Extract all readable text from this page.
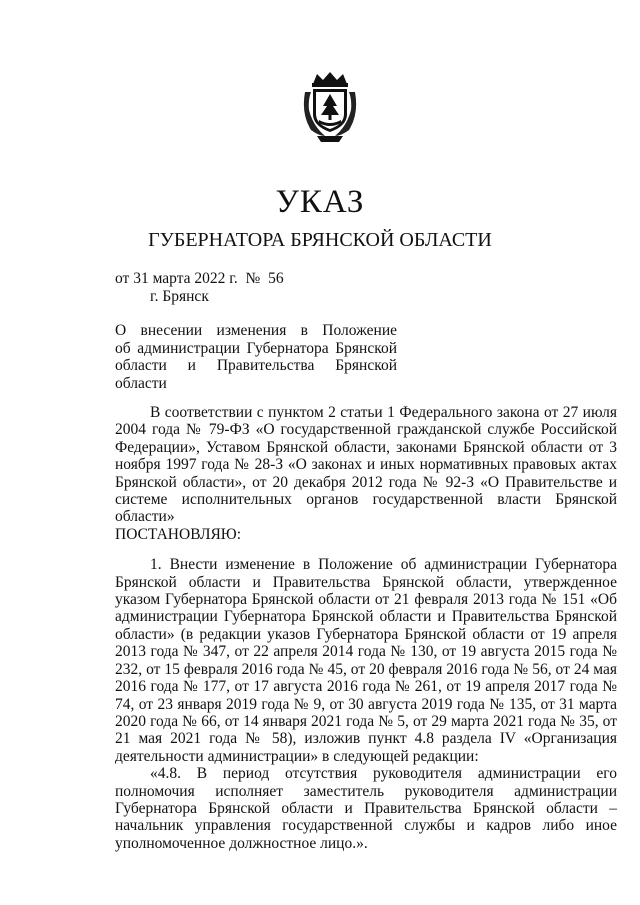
УКАЗ
ГУБЕРНАТОРА БРЯНСКОЙ ОБЛАСТИ
от 31 марта 2022 г.  №  56
г. Брянск
О внесении изменения в Положение
об администрации Губернатора Брянской
области и Правительства Брянской области

В соответствии с пунктом 2 статьи 1 Федерального закона от 27 июля 2004 года № 79-ФЗ «О государственной гражданской службе Российской Федерации», Уставом Брянской области, законами Брянской области от 3 ноября 1997 года № 28-З «О законах и иных нормативных правовых актах Брянской области», от 20 декабря 2012 года № 92-З «О Правительстве и системе исполнительных органов государственной власти Брянской области»

ПОСТАНОВЛЯЮ:

1. Внести изменение в Положение об администрации Губернатора Брянской области и Правительства Брянской области, утвержденное указом Губернатора Брянской области от 21 февраля 2013 года № 151 «Об администрации Губернатора Брянской области и Правительства Брянской области» (в редакции указов Губернатора Брянской области от 19 апреля 2013 года № 347, от 22 апреля 2014 года № 130, от 19 августа 2015 года № 232, от 15 февраля 2016 года № 45, от 20 февраля 2016 года № 56, от 24 мая 2016 года № 177, от 17 августа 2016 года № 261, от 19 апреля 2017 года № 74, от 23 января 2019 года № 9, от 30 августа 2019 года № 135, от 31 марта 2020 года № 66, от 14 января 2021 года № 5, от 29 марта 2021 года № 35, от 21 мая 2021 года № 58), изложив пункт 4.8 раздела IV «Организация деятельности администрации» в следующей редакции:

«4.8. В период отсутствия руководителя администрации его полномочия исполняет заместитель руководителя администрации Губернатора Брянской области и Правительства Брянской области – начальник управления государственной службы и кадров либо иное уполномоченное должностное лицо.».
